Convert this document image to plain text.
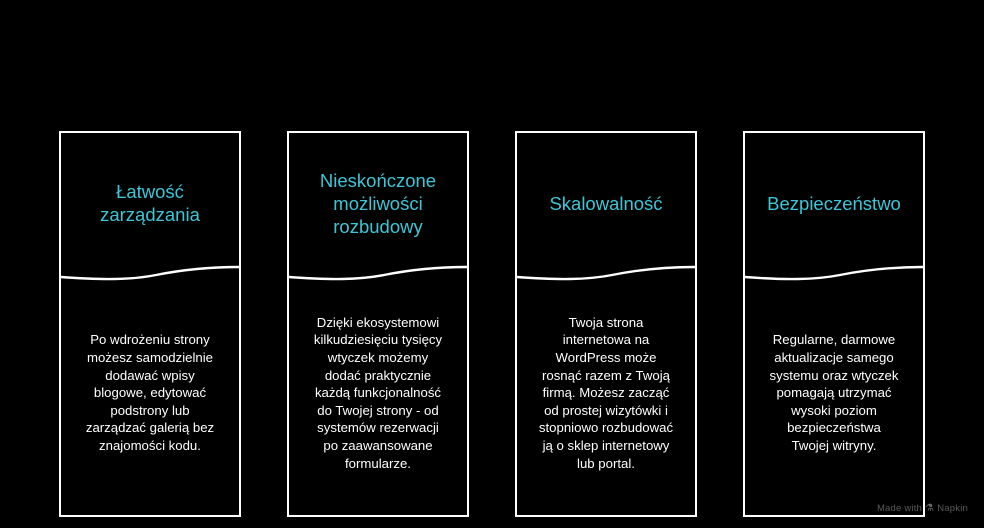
Łatwość zarządzania
Po wdrożeniu strony
możesz samodzielnie
dodawać wpisy
blogowe, edytować
podstrony lub
zarządzać galerią bez
znajomości kodu.
Nieskończone możliwości rozbudowy
Dzięki ekosystemowi
kilkudziesięciu tysięcy
wtyczek możemy
dodać praktycznie
każdą funkcjonalność
do Twojej strony - od
systemów rezerwacji
po zaawansowane
formularze.
Skalowalność
Twoja strona
internetowa na
WordPress może
rosnąć razem z Twoją
firmą. Możesz zacząć
od prostej wizytówki i
stopniowo rozbudować
ją o sklep internetowy
lub portal.
Bezpieczeństwo
Regularne, darmowe
aktualizacje samego
systemu oraz wtyczek
pomagają utrzymać
wysoki poziom
bezpieczeństwa
Twojej witryny.
Made with ⚗ Napkin
